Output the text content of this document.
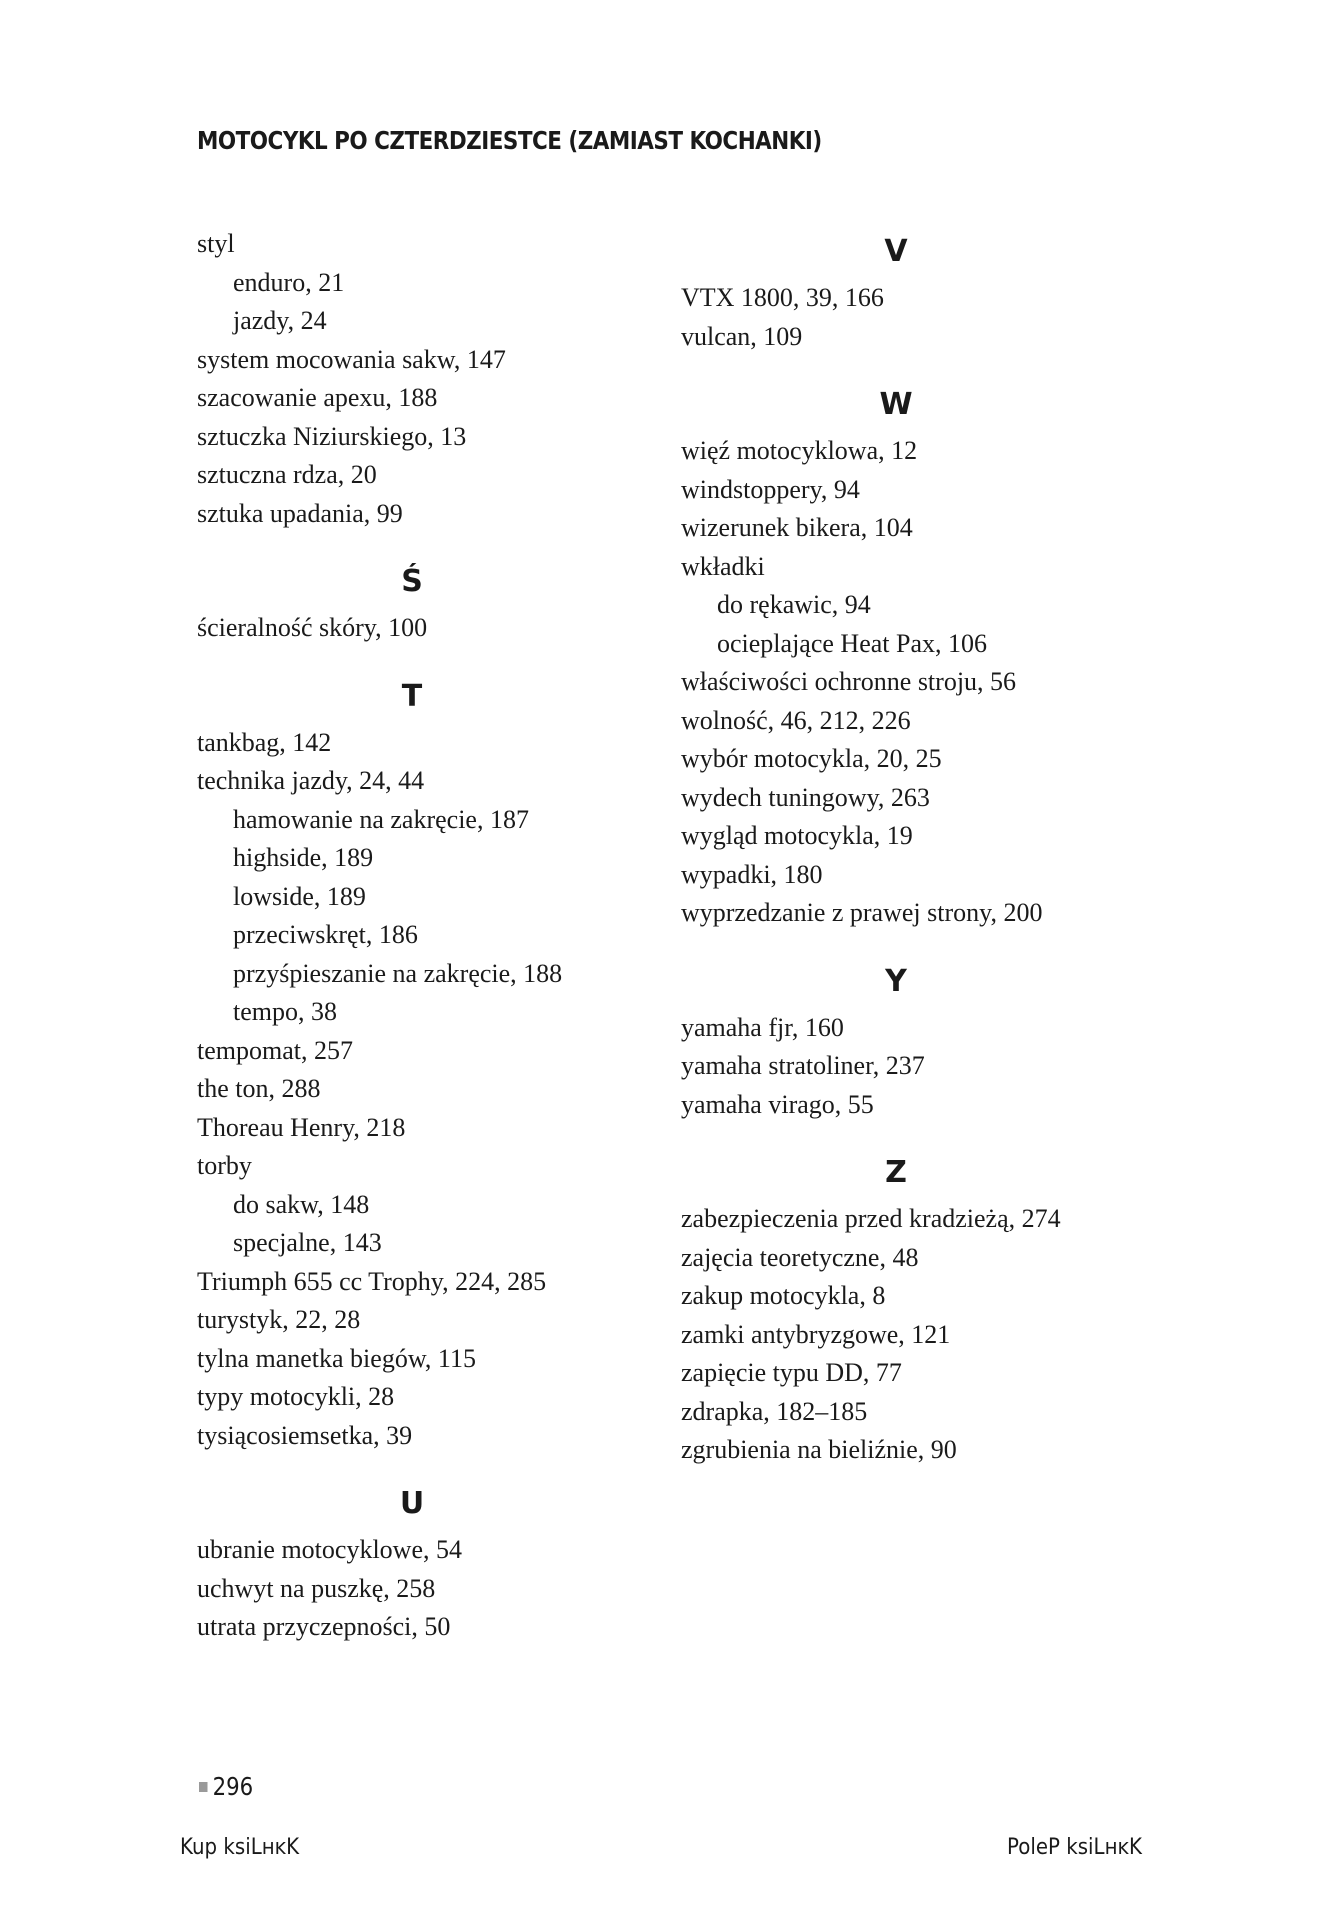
MOTOCYKL PO CZTERDZIESTCE (ZAMIAST KOCHANKI)
styl
enduro, 21
jazdy, 24
system mocowania sakw, 147
szacowanie apexu, 188
sztuczka Niziurskiego, 13
sztuczna rdza, 20
sztuka upadania, 99
Ś
ścieralność skóry, 100
T
tankbag, 142
technika jazdy, 24, 44
hamowanie na zakręcie, 187
highside, 189
lowside, 189
przeciwskręt, 186
przyśpieszanie na zakręcie, 188
tempo, 38
tempomat, 257
the ton, 288
Thoreau Henry, 218
torby
do sakw, 148
specjalne, 143
Triumph 655 cc Trophy, 224, 285
turystyk, 22, 28
tylna manetka biegów, 115
typy motocykli, 28
tysiącosiemsetka, 39
U
ubranie motocyklowe, 54
uchwyt na puszkę, 258
utrata przyczepności, 50
V
VTX 1800, 39, 166
vulcan, 109
W
więź motocyklowa, 12
windstoppery, 94
wizerunek bikera, 104
wkładki
do rękawic, 94
ocieplające Heat Pax, 106
właściwości ochronne stroju, 56
wolność, 46, 212, 226
wybór motocykla, 20, 25
wydech tuningowy, 263
wygląd motocykla, 19
wypadki, 180
wyprzedzanie z prawej strony, 200
Y
yamaha fjr, 160
yamaha stratoliner, 237
yamaha virago, 55
Z
zabezpieczenia przed kradzieżą, 274
zajęcia teoretyczne, 48
zakup motocykla, 8
zamki antybryzgowe, 121
zapięcie typu DD, 77
zdrapka, 182–185
zgrubienia na bieliźnie, 90
296
Kup ksiLнĸK	PoleP ksiLнĸK
